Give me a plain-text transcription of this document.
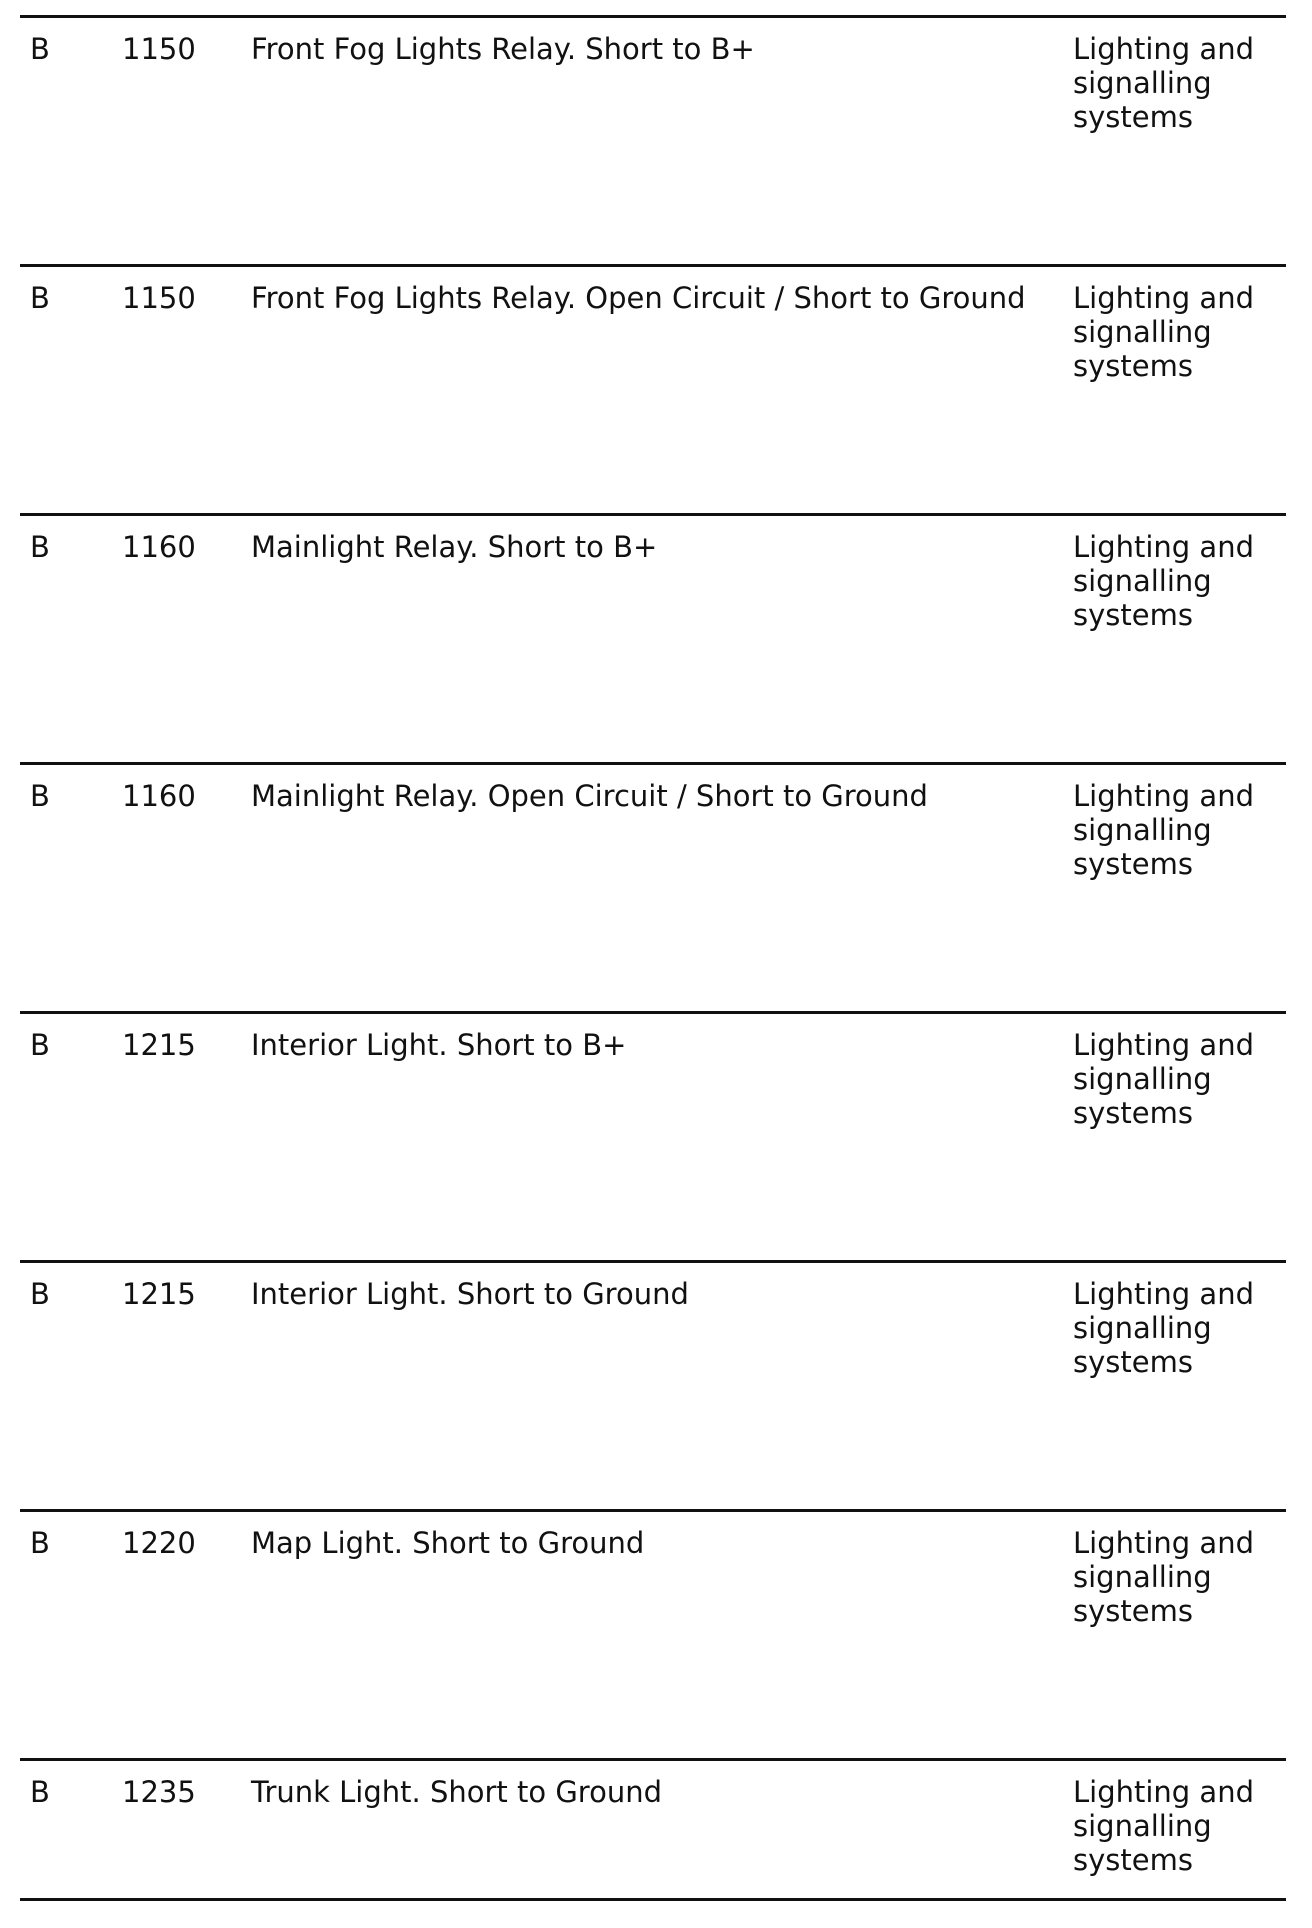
B 1150 Front Fog Lights Relay. Short to B+	Lighting and signalling systems
B 1150 Front Fog Lights Relay. Open Circuit / Short to Ground	Lighting and signalling systems
B 1160 Mainlight Relay. Short to B+	Lighting and signalling systems
B 1160 Mainlight Relay. Open Circuit / Short to Ground	Lighting and signalling systems
B 1215 Interior Light. Short to B+	Lighting and signalling systems
B 1215 Interior Light. Short to Ground	Lighting and signalling systems
B 1220 Map Light. Short to Ground	Lighting and signalling systems
B 1235 Trunk Light. Short to Ground	Lighting and signalling systems
